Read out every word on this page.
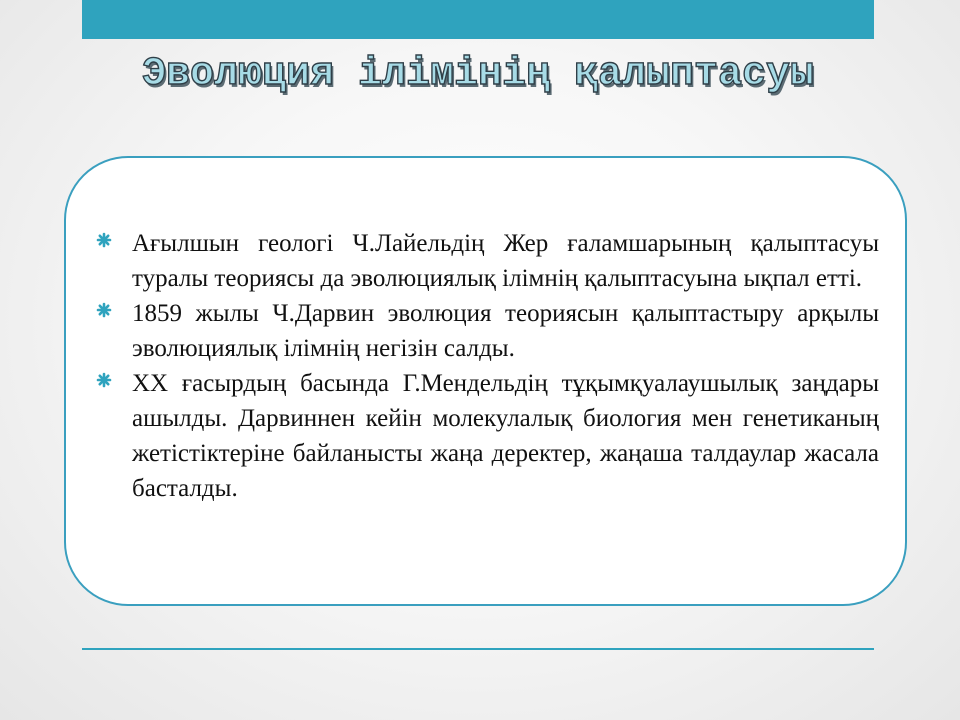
Эволюция ілімінің қалыптасуы
Ағылшын геологі Ч.Лайельдің Жер ғаламшарының қалыптасуы туралы теориясы да эволюциялық ілімнің қалыптасуына ықпал етті.
1859 жылы Ч.Дарвин эволюция теориясын қалыптастыру арқылы эволюциялық ілімнің негізін салды.
ХХ ғасырдың басында Г.Мендельдің тұқымқуалаушылық заңдары ашылды. Дарвиннен кейін молекулалық биология мен генетиканың жетістіктеріне байланысты жаңа деректер, жаңаша талдаулар жасала басталды.
